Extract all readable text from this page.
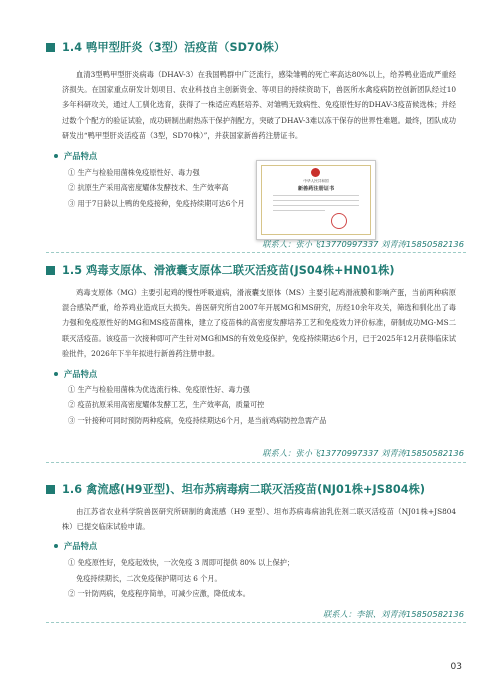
1.4 鸭甲型肝炎（3型）活疫苗（SD70株）

血清3型鸭甲型肝炎病毒（DHAV-3）在我国鸭群中广泛流行，感染雏鸭的死亡率高达80%以上，给养鸭业造成严重经济损失。在国家重点研发计划项目、农业科技自主创新资金、等项目的持续资助下，兽医所水禽疫病防控创新团队经过10多年科研攻关，通过人工驯化选育，获得了一株适应鸡胚培养、对雏鸭无致病性、免疫原性好的DHAV-3疫苗候选株；并经过数个个配方的验证试验，成功研制出耐热冻干保护剂配方，突破了DHAV-3难以冻干保存的世界性难题。最终，团队成功研发出“鸭甲型肝炎活疫苗（3型，SD70株）”，并获国家新兽药注册证书。

产品特点
① 生产与检验用菌株免疫原性好、毒力强
② 抗原生产采用高密度耀体发酵技术、生产效率高
③ 用于7日龄以上鸭的免疫接种，免疫持续期可达6个月
中华人民共和国
新兽药注册证书
联系人：张小飞13770997337 刘青涛15850582136
1.5 鸡毒支原体、滑液囊支原体二联灭活疫苗(JS04株+HN01株)

鸡毒支原体（MG）主要引起鸡的慢性呼吸道病，滑液囊支原体（MS）主要引起鸡滑液膜和影响产蛋，当前两种病原混合感染严重，给养鸡业造成巨大损失。兽医研究所自2007年开展MG和MS研究，历经10余年攻关，筛选和驯化出了毒力强和免疫原性好的MG和MS疫苗菌株，建立了疫苗株的高密度发酵培养工艺和免疫效力评价标准，研制成功MG-MS二联灭活疫苗。该疫苗一次接种即可产生针对MG和MS的有效免疫保护，免疫持续期达6个月，已于2025年12月获得临床试验批件，2026年下半年拟进行新兽药注册申报。

产品特点
① 生产与检验用菌株为优选流行株、免疫原性好、毒力强
② 疫苗抗原采用高密度耀体发酵工艺，生产效率高，质量可控
③ 一针接种可同时预防两种疫病，免疫持续期达6个月，是当前鸡病防控急需产品
联系人：张小飞13770997337 刘青涛15850582136
1.6 禽流感(H9亚型)、坦布苏病毒病二联灭活疫苗(NJ01株+JS804株)

由江苏省农业科学院兽医研究所研制的禽流感（H9 亚型）、坦布苏病毒病油乳佐剂二联灭活疫苗（NJ01株+JS804株）已提交临床试验申请。

产品特点
① 免疫原性好，免疫起效快，一次免疫 3 周即可提供 80% 以上保护；
免疫持续期长，二次免疫保护期可达 6 个月。
② 一针防两病，免疫程序简单，可减少应激，降低成本。
联系人：李银、刘青涛15850582136
03
